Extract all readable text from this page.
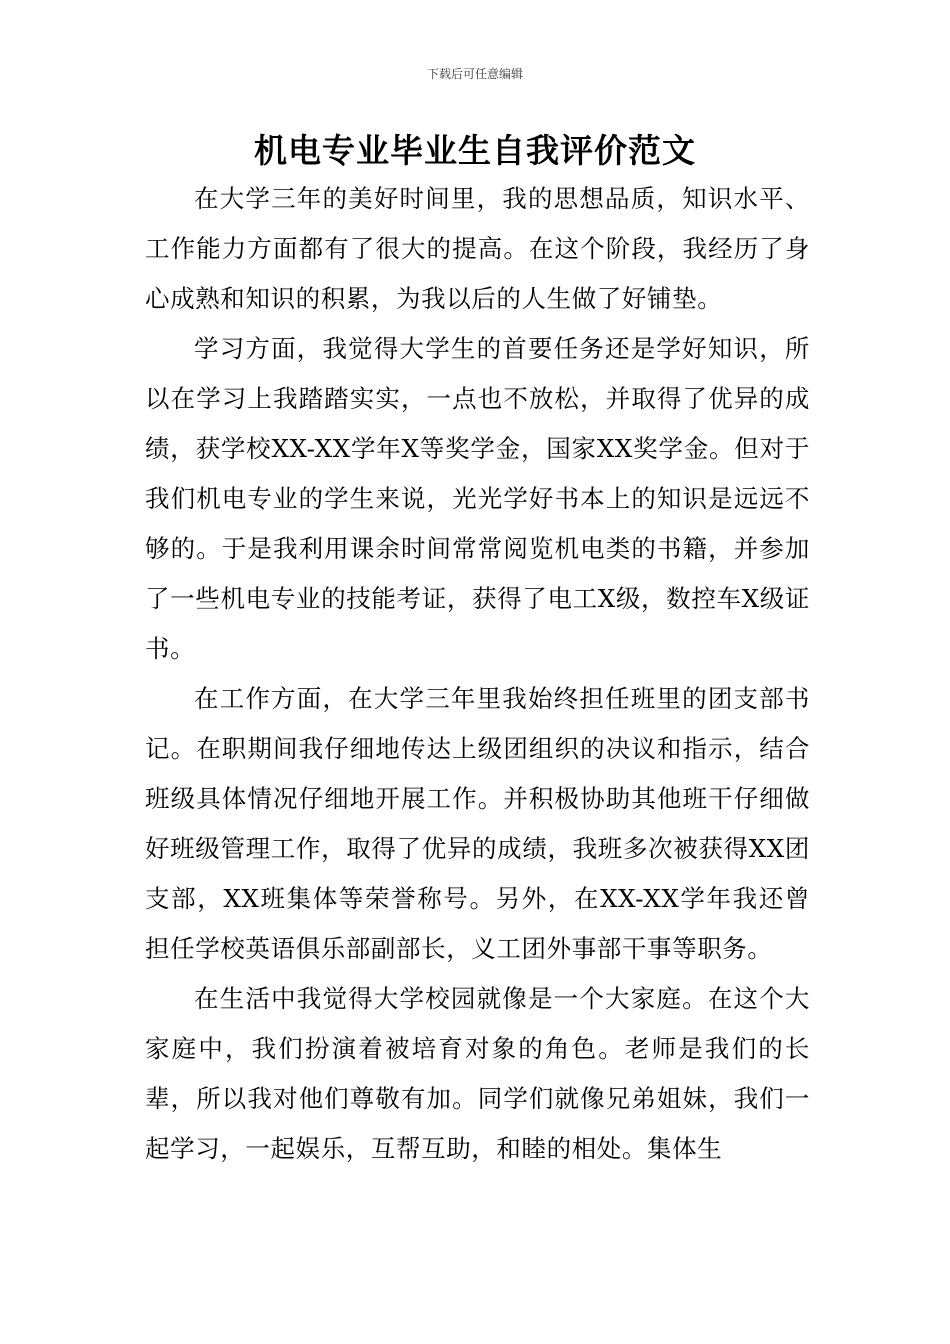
下载后可任意编辑
机电专业毕业生自我评价范文

在大学三年的美好时间里，我的思想品质，知识水平、工作能力方面都有了很大的提高。在这个阶段，我经历了身心成熟和知识的积累，为我以后的人生做了好铺垫。

学习方面，我觉得大学生的首要任务还是学好知识，所以在学习上我踏踏实实，一点也不放松，并取得了优异的成绩，获学校XX-XX学年X等奖学金，国家XX奖学金。但对于我们机电专业的学生来说，光光学好书本上的知识是远远不够的。于是我利用课余时间常常阅览机电类的书籍，并参加了一些机电专业的技能考证，获得了电工X级，数控车X级证书。

在工作方面，在大学三年里我始终担任班里的团支部书记。在职期间我仔细地传达上级团组织的决议和指示，结合班级具体情况仔细地开展工作。并积极协助其他班干仔细做好班级管理工作，取得了优异的成绩，我班多次被获得XX团支部，XX班集体等荣誉称号。另外，在XX-XX学年我还曾担任学校英语俱乐部副部长，义工团外事部干事等职务。

在生活中我觉得大学校园就像是一个大家庭。在这个大家庭中，我们扮演着被培育对象的角色。老师是我们的长辈，所以我对他们尊敬有加。同学们就像兄弟姐妹，我们一起学习，一起娱乐，互帮互助，和睦的相处。集体生
